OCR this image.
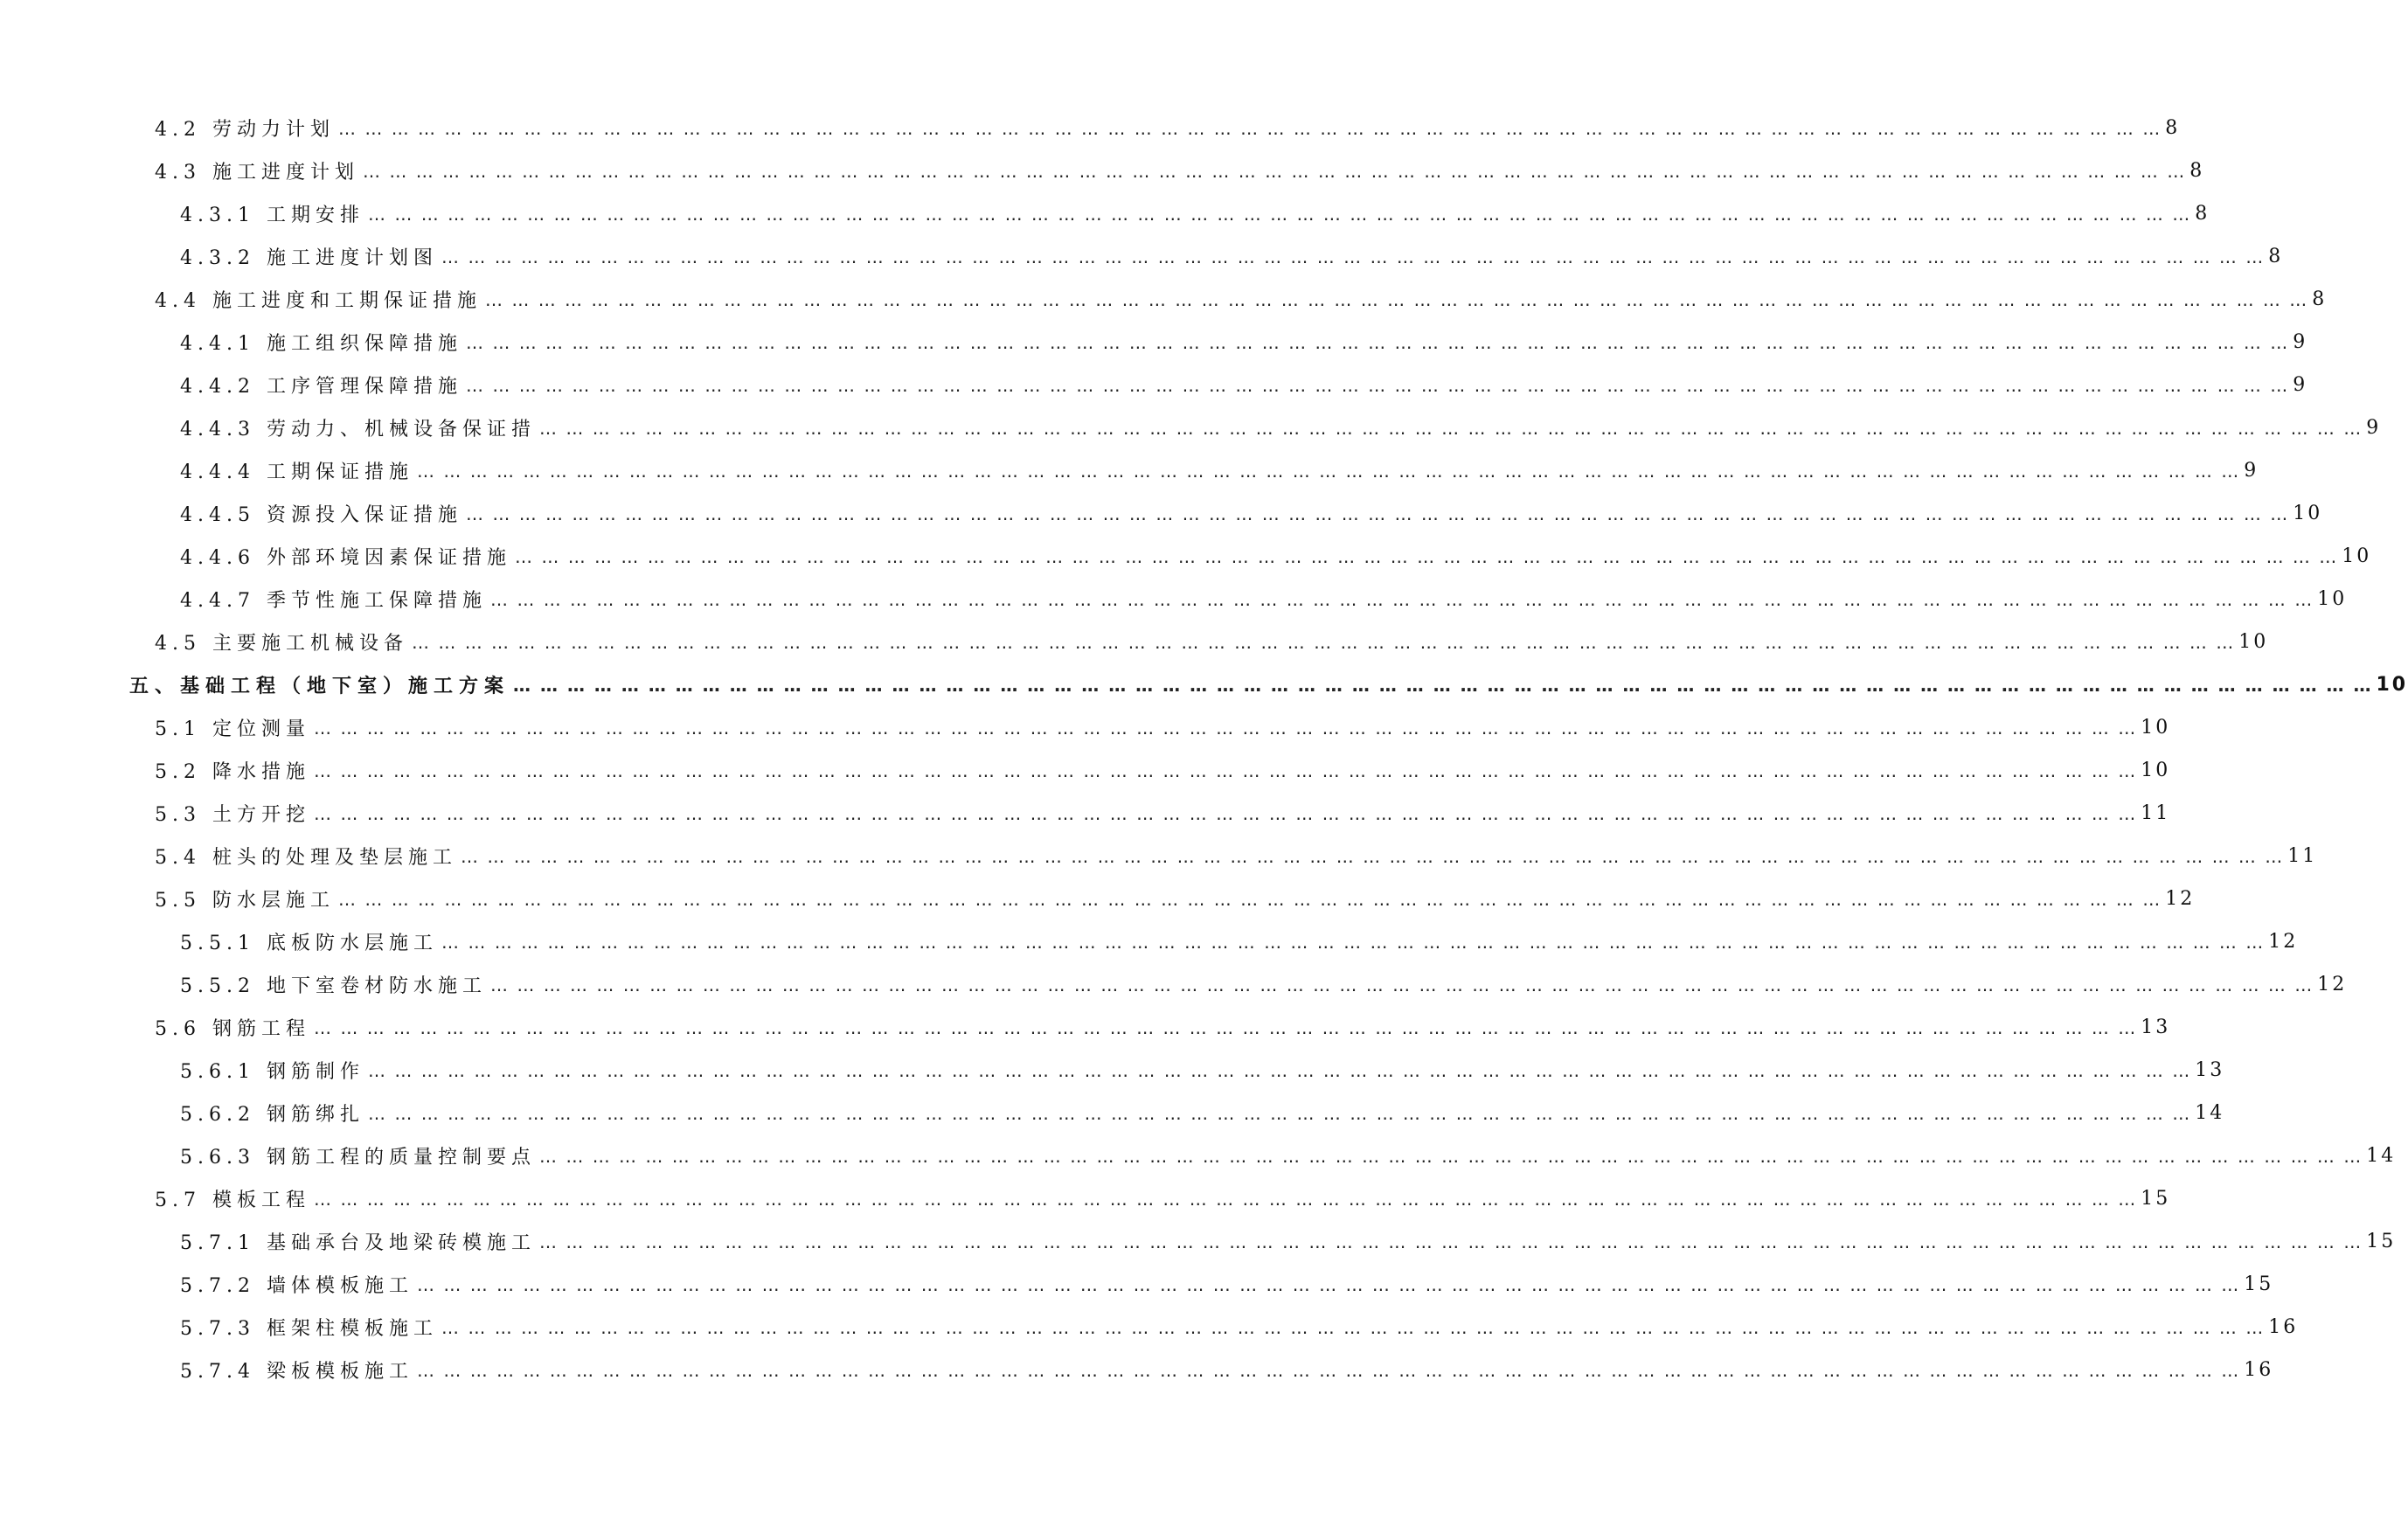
4.2 劳动力计划 … … … … … … … … … … … … … … … … … … … … … … … … … … … … … … … … … … … … … … … … … … … … … … … … … … … … … … … … … … … … … … … … … … … … … 8
4.3 施工进度计划 … … … … … … … … … … … … … … … … … … … … … … … … … … … … … … … … … … … … … … … … … … … … … … … … … … … … … … … … … … … … … … … … … … … … … 8
4.3.1 工期安排 … … … … … … … … … … … … … … … … … … … … … … … … … … … … … … … … … … … … … … … … … … … … … … … … … … … … … … … … … … … … … … … … … … … … … 8
4.3.2 施工进度计划图 … … … … … … … … … … … … … … … … … … … … … … … … … … … … … … … … … … … … … … … … … … … … … … … … … … … … … … … … … … … … … … … … … … … … … 8
4.4 施工进度和工期保证措施 … … … … … … … … … … … … … … … … … … … … … … … … … … … … … … … … … … … … … … … … … … … … … … … … … … … … … … … … … … … … … … … … … … … … … 8
4.4.1 施工组织保障措施 … … … … … … … … … … … … … … … … … … … … … … … … … … … … … … … … … … … … … … … … … … … … … … … … … … … … … … … … … … … … … … … … … … … … … 9
4.4.2 工序管理保障措施 … … … … … … … … … … … … … … … … … … … … … … … … … … … … … … … … … … … … … … … … … … … … … … … … … … … … … … … … … … … … … … … … … … … … … 9
4.4.3 劳动力、机械设备保证措 … … … … … … … … … … … … … … … … … … … … … … … … … … … … … … … … … … … … … … … … … … … … … … … … … … … … … … … … … … … … … … … … … … … … … 9
4.4.4 工期保证措施 … … … … … … … … … … … … … … … … … … … … … … … … … … … … … … … … … … … … … … … … … … … … … … … … … … … … … … … … … … … … … … … … … … … … … 9
4.4.5 资源投入保证措施 … … … … … … … … … … … … … … … … … … … … … … … … … … … … … … … … … … … … … … … … … … … … … … … … … … … … … … … … … … … … … … … … … … … … … 10
4.4.6 外部环境因素保证措施 … … … … … … … … … … … … … … … … … … … … … … … … … … … … … … … … … … … … … … … … … … … … … … … … … … … … … … … … … … … … … … … … … … … … … 10
4.4.7 季节性施工保障措施 … … … … … … … … … … … … … … … … … … … … … … … … … … … … … … … … … … … … … … … … … … … … … … … … … … … … … … … … … … … … … … … … … … … … … 10
4.5 主要施工机械设备 … … … … … … … … … … … … … … … … … … … … … … … … … … … … … … … … … … … … … … … … … … … … … … … … … … … … … … … … … … … … … … … … … … … … … 10
五、基础工程（地下室）施工方案 … … … … … … … … … … … … … … … … … … … … … … … … … … … … … … … … … … … … … … … … … … … … … … … … … … … … … … … … … … … … … … … … … … … … … 10
5.1 定位测量 … … … … … … … … … … … … … … … … … … … … … … … … … … … … … … … … … … … … … … … … … … … … … … … … … … … … … … … … … … … … … … … … … … … … … 10
5.2 降水措施 … … … … … … … … … … … … … … … … … … … … … … … … … … … … … … … … … … … … … … … … … … … … … … … … … … … … … … … … … … … … … … … … … … … … … 10
5.3 土方开挖 … … … … … … … … … … … … … … … … … … … … … … … … … … … … … … … … … … … … … … … … … … … … … … … … … … … … … … … … … … … … … … … … … … … … … 11
5.4 桩头的处理及垫层施工 … … … … … … … … … … … … … … … … … … … … … … … … … … … … … … … … … … … … … … … … … … … … … … … … … … … … … … … … … … … … … … … … … … … … … 11
5.5 防水层施工 … … … … … … … … … … … … … … … … … … … … … … … … … … … … … … … … … … … … … … … … … … … … … … … … … … … … … … … … … … … … … … … … … … … … … 12
5.5.1 底板防水层施工 … … … … … … … … … … … … … … … … … … … … … … … … … … … … … … … … … … … … … … … … … … … … … … … … … … … … … … … … … … … … … … … … … … … … … 12
5.5.2 地下室卷材防水施工 … … … … … … … … … … … … … … … … … … … … … … … … … … … … … … … … … … … … … … … … … … … … … … … … … … … … … … … … … … … … … … … … … … … … … 12
5.6 钢筋工程 … … … … … … … … … … … … … … … … … … … … … … … … … … … … … … … … … … … … … … … … … … … … … … … … … … … … … … … … … … … … … … … … … … … … … 13
5.6.1 钢筋制作 … … … … … … … … … … … … … … … … … … … … … … … … … … … … … … … … … … … … … … … … … … … … … … … … … … … … … … … … … … … … … … … … … … … … … 13
5.6.2 钢筋绑扎 … … … … … … … … … … … … … … … … … … … … … … … … … … … … … … … … … … … … … … … … … … … … … … … … … … … … … … … … … … … … … … … … … … … … … 14
5.6.3 钢筋工程的质量控制要点 … … … … … … … … … … … … … … … … … … … … … … … … … … … … … … … … … … … … … … … … … … … … … … … … … … … … … … … … … … … … … … … … … … … … … 14
5.7 模板工程 … … … … … … … … … … … … … … … … … … … … … … … … … … … … … … … … … … … … … … … … … … … … … … … … … … … … … … … … … … … … … … … … … … … … … 15
5.7.1 基础承台及地梁砖模施工 … … … … … … … … … … … … … … … … … … … … … … … … … … … … … … … … … … … … … … … … … … … … … … … … … … … … … … … … … … … … … … … … … … … … … 15
5.7.2 墙体模板施工 … … … … … … … … … … … … … … … … … … … … … … … … … … … … … … … … … … … … … … … … … … … … … … … … … … … … … … … … … … … … … … … … … … … … … 15
5.7.3 框架柱模板施工 … … … … … … … … … … … … … … … … … … … … … … … … … … … … … … … … … … … … … … … … … … … … … … … … … … … … … … … … … … … … … … … … … … … … … 16
5.7.4 梁板模板施工 … … … … … … … … … … … … … … … … … … … … … … … … … … … … … … … … … … … … … … … … … … … … … … … … … … … … … … … … … … … … … … … … … … … … … 16
